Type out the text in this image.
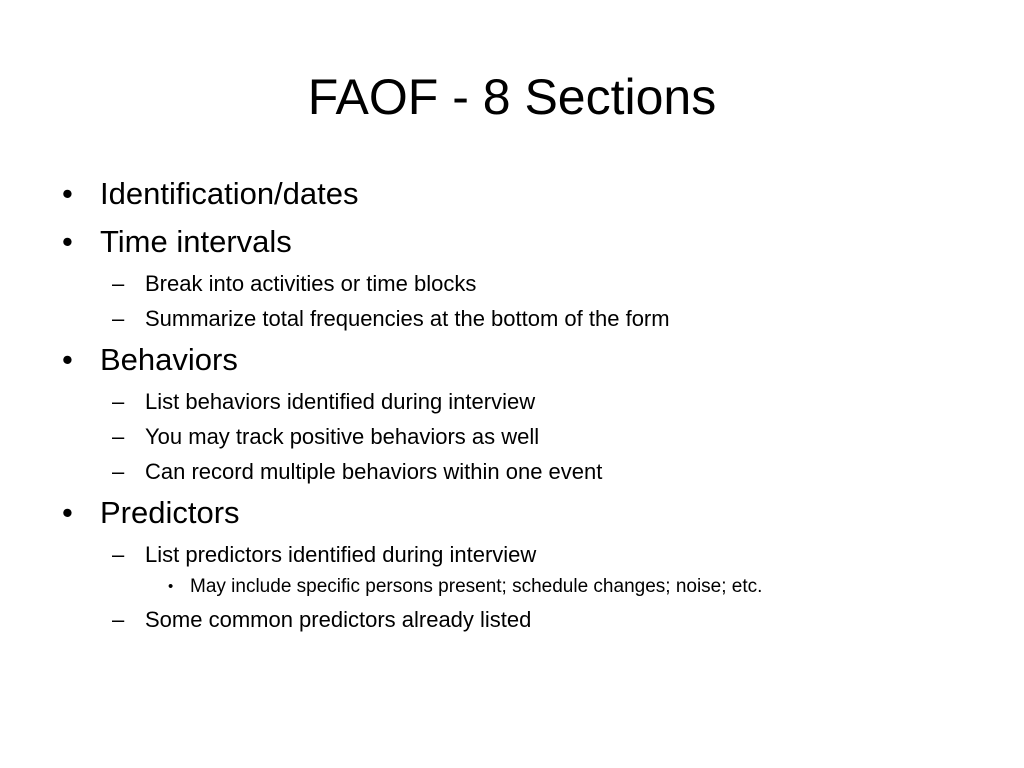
FAOF - 8 Sections
• Identification/dates
• Time intervals
– Break into activities or time blocks
– Summarize total frequencies at the bottom of the form
• Behaviors
– List behaviors identified during interview
– You may track positive behaviors as well
– Can record multiple behaviors within one event
• Predictors
– List predictors identified during interview
• May include specific persons present; schedule changes; noise; etc.
– Some common predictors already listed
